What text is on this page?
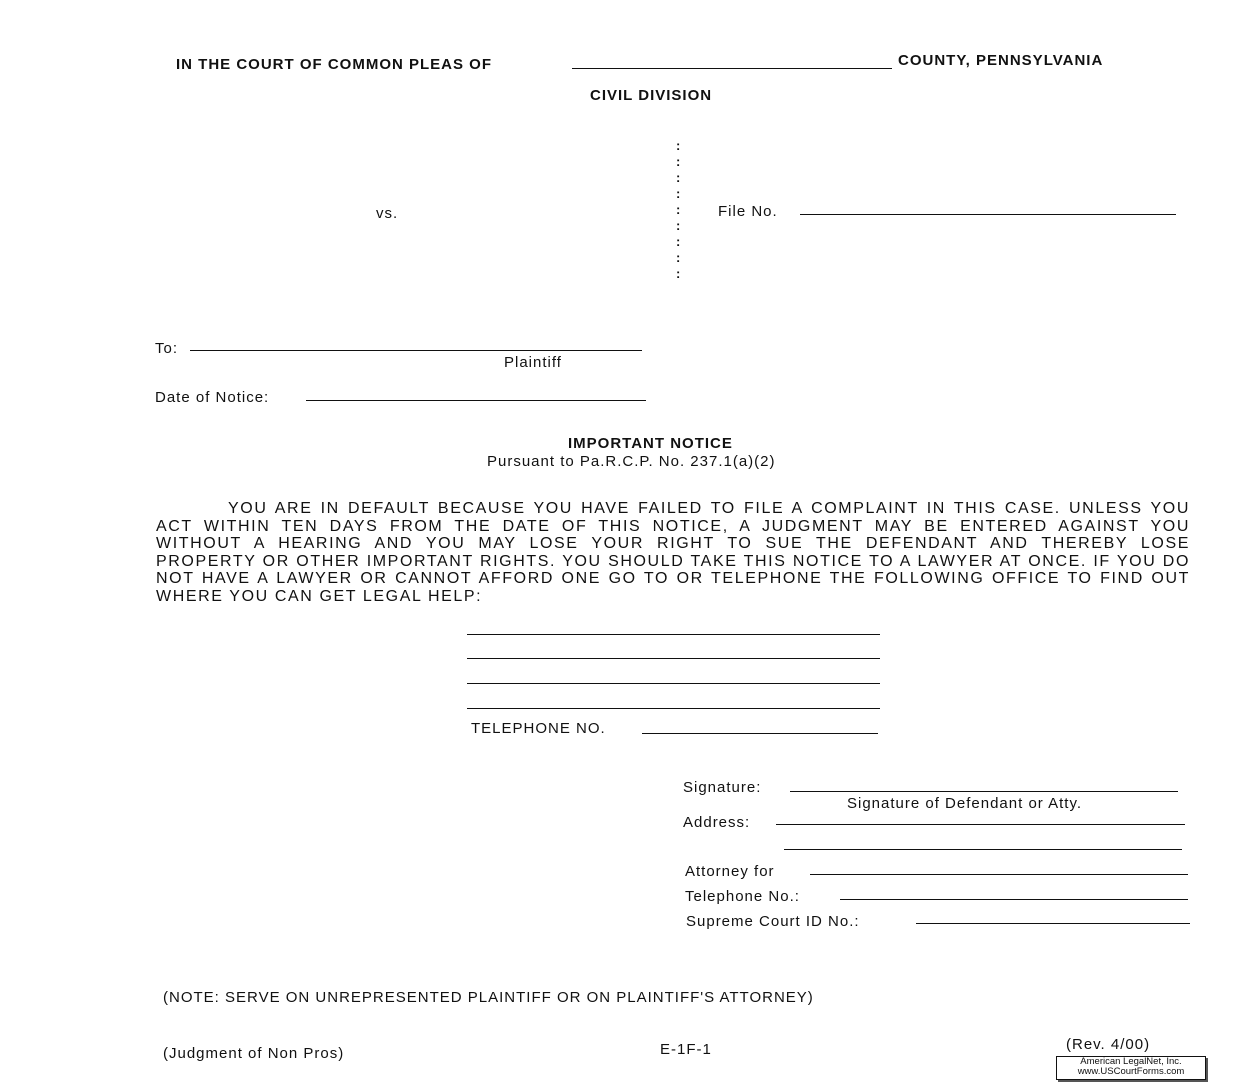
IN THE COURT OF COMMON PLEAS OF	COUNTY, PENNSYLVANIA
CIVIL DIVISION
:
:
:
:
:
:
:
:
:
vs.	File No.
To:
Plaintiff
Date of Notice:
IMPORTANT NOTICE
Pursuant to Pa.R.C.P. No. 237.1(a)(2)
YOU ARE IN DEFAULT BECAUSE YOU HAVE FAILED TO FILE A COMPLAINT IN THIS CASE. UNLESS YOU ACT WITHIN TEN DAYS FROM THE DATE OF THIS NOTICE, A JUDGMENT MAY BE ENTERED AGAINST YOU WITHOUT A HEARING AND YOU MAY LOSE YOUR RIGHT TO SUE THE DEFENDANT AND THEREBY LOSE PROPERTY OR OTHER IMPORTANT RIGHTS. YOU SHOULD TAKE THIS NOTICE TO A LAWYER AT ONCE. IF YOU DO NOT HAVE A LAWYER OR CANNOT AFFORD ONE GO TO OR TELEPHONE THE FOLLOWING OFFICE TO FIND OUT WHERE YOU CAN GET LEGAL HELP:
TELEPHONE NO.
Signature:
Signature of Defendant or Atty.
Address:
Attorney for
Telephone No.:
Supreme Court ID No.:
(NOTE: SERVE ON UNREPRESENTED PLAINTIFF OR ON PLAINTIFF'S ATTORNEY)
(Judgment of Non Pros)	E-1F-1	(Rev. 4/00)
American LegalNet, Inc.
www.USCourtForms.com
